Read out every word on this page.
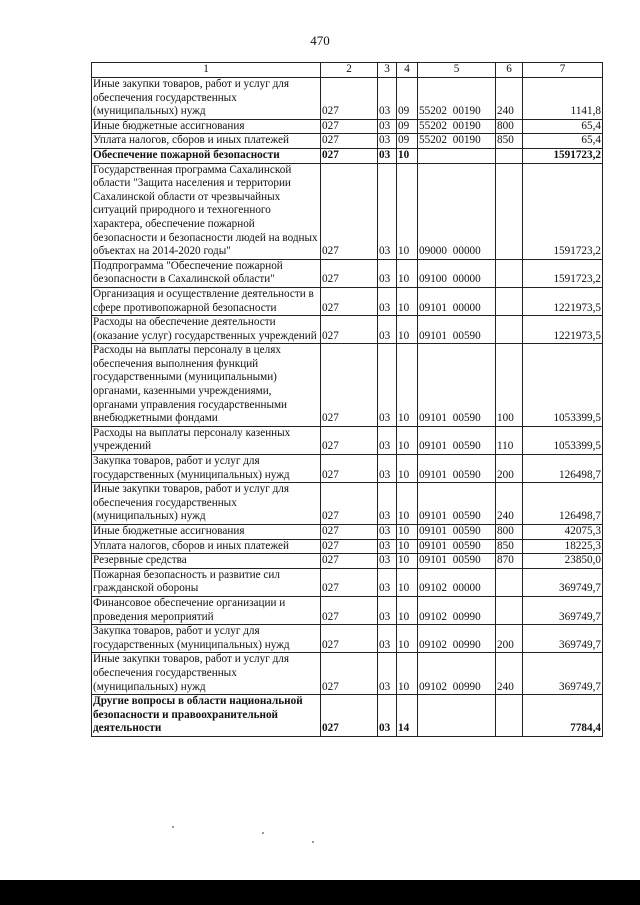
470
1	2	3	4	5	6	7
Иные закупки товаров, работ и услуг для обеспечения государственных (муниципальных) нужд	027	03	09	55202 00190	240	1141,8
Иные бюджетные ассигнования	027	03	09	55202 00190	800	65,4
Уплата налогов, сборов и иных платежей	027	03	09	55202 00190	850	65,4
Обеспечение пожарной безопасности	027	03	10			1591723,2
Государственная программа Сахалинской области "Защита населения и территории Сахалинской области от чрезвычайных ситуаций природного и техногенного характера, обеспечение пожарной безопасности и безопасности людей на водных объектах на 2014-2020 годы"	027	03	10	09000 00000		1591723,2
Подпрограмма "Обеспечение пожарной безопасности в Сахалинской области"	027	03	10	09100 00000		1591723,2
Организация и осуществление деятельности в сфере противопожарной безопасности	027	03	10	09101 00000		1221973,5
Расходы на обеспечение деятельности (оказание услуг) государственных учреждений	027	03	10	09101 00590		1221973,5
Расходы на выплаты персоналу в целях обеспечения выполнения функций государственными (муниципальными) органами, казенными учреждениями, органами управления государственными внебюджетными фондами	027	03	10	09101 00590	100	1053399,5
Расходы на выплаты персоналу казенных учреждений	027	03	10	09101 00590	110	1053399,5
Закупка товаров, работ и услуг для государственных (муниципальных) нужд	027	03	10	09101 00590	200	126498,7
Иные закупки товаров, работ и услуг для обеспечения государственных (муниципальных) нужд	027	03	10	09101 00590	240	126498,7
Иные бюджетные ассигнования	027	03	10	09101 00590	800	42075,3
Уплата налогов, сборов и иных платежей	027	03	10	09101 00590	850	18225,3
Резервные средства	027	03	10	09101 00590	870	23850,0
Пожарная безопасность и развитие сил гражданской обороны	027	03	10	09102 00000		369749,7
Финансовое обеспечение организации и проведения мероприятий	027	03	10	09102 00990		369749,7
Закупка товаров, работ и услуг для государственных (муниципальных) нужд	027	03	10	09102 00990	200	369749,7
Иные закупки товаров, работ и услуг для обеспечения государственных (муниципальных) нужд	027	03	10	09102 00990	240	369749,7
Другие вопросы в области национальной безопасности и правоохранительной деятельности	027	03	14			7784,4
